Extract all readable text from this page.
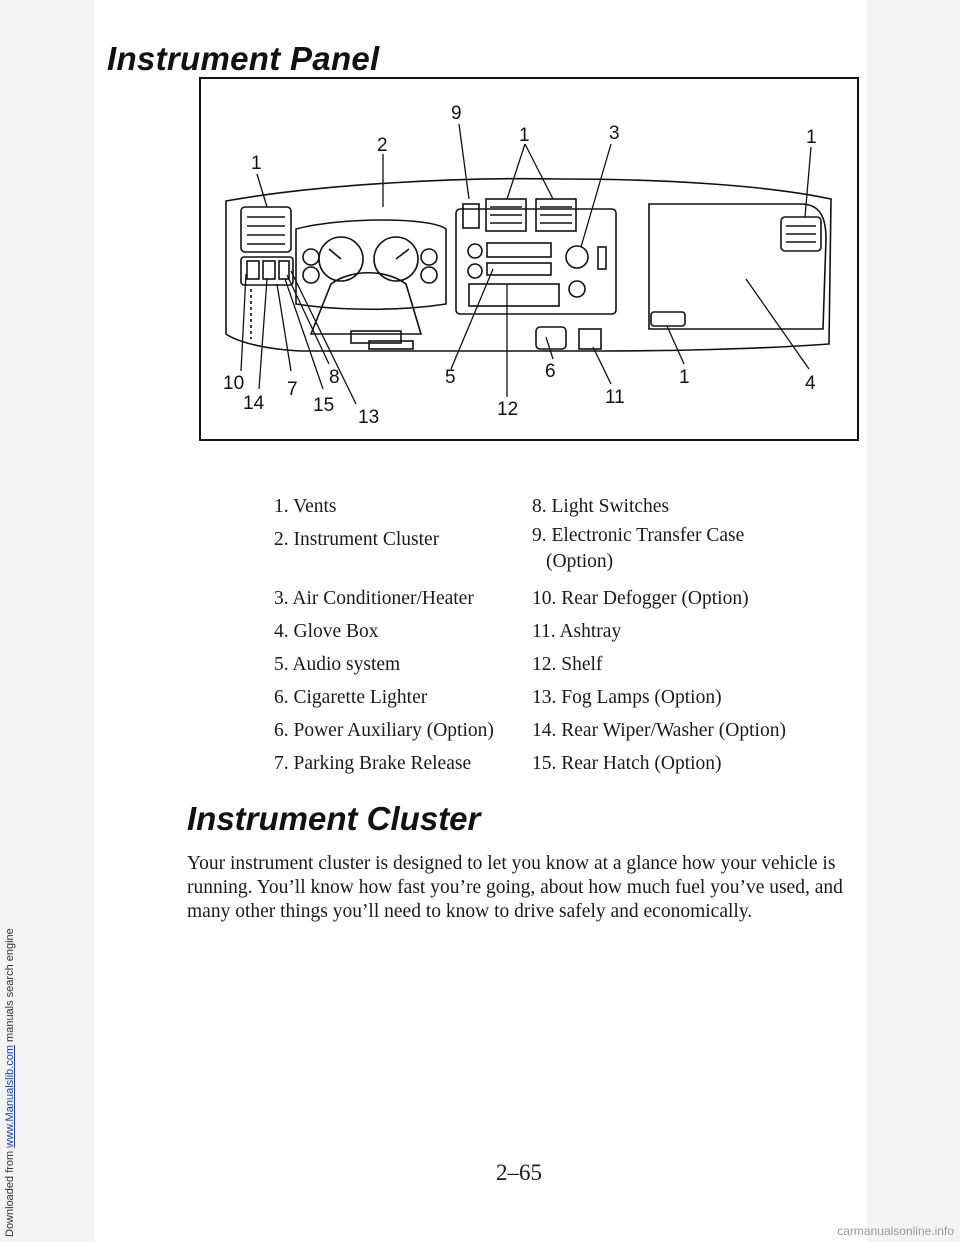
Downloaded from www.Manualslib.com manuals search engine
Instrument Panel
1
2
9
1	3	1
10
14
7
15
8
13
5
12
6
11
1	4
1. Vents
2. Instrument Cluster
3. Air Conditioner/Heater
4. Glove Box
5. Audio system
6. Cigarette Lighter
6. Power Auxiliary (Option)
7. Parking Brake Release
8. Light Switches
9. Electronic Transfer Case (Option)
10. Rear Defogger (Option)
11. Ashtray
12. Shelf
13. Fog Lamps (Option)
14. Rear Wiper/Washer (Option)
15. Rear Hatch (Option)
Instrument Cluster

Your instrument cluster is designed to let you know at a glance how your vehicle is running. You’ll know how fast you’re going, about how much fuel you’ve used, and many other things you’ll need to know to drive safely and economically.

2–65
carmanualsonline.info
